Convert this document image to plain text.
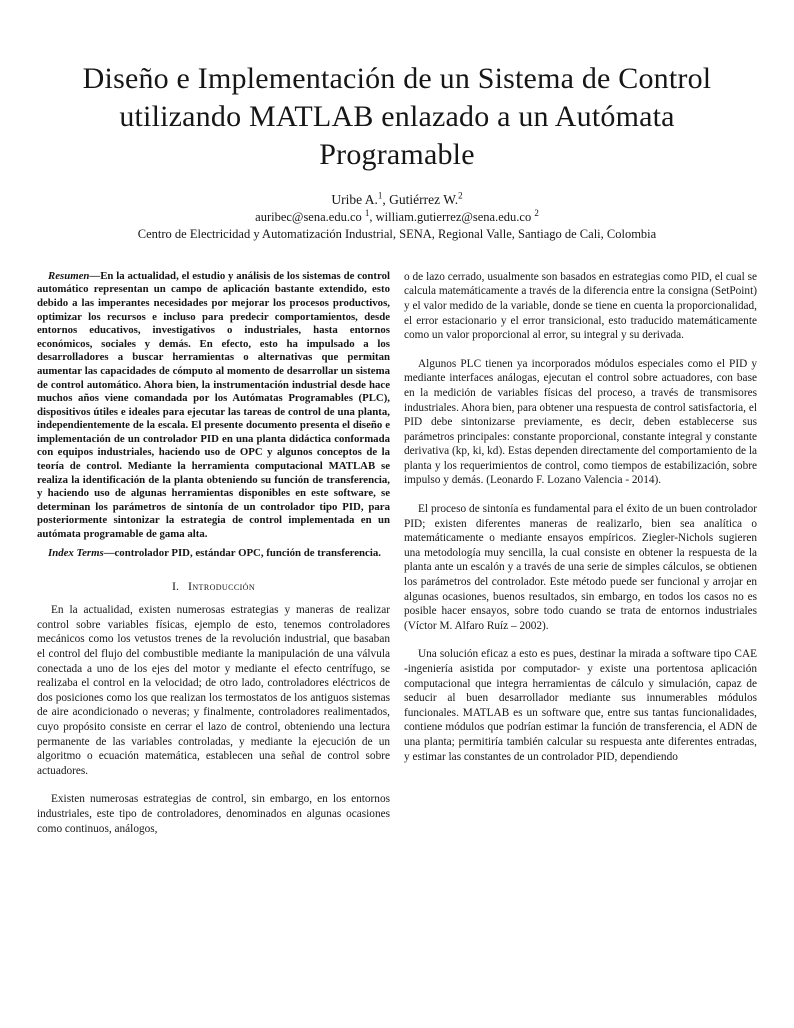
Diseño e Implementación de un Sistema de Control utilizando MATLAB enlazado a un Autómata Programable
Uribe A.$^1$, Gutiérrez W.$^2$
auribec@sena.edu.co $^1$, william.gutierrez@sena.edu.co $^2$
Centro de Electricidad y Automatización Industrial, SENA, Regional Valle, Santiago de Cali, Colombia

Resumen—En la actualidad, el estudio y análisis de los sistemas de control automático representan un campo de aplicación bastante extendido, esto debido a las imperantes necesidades por mejorar los procesos productivos, optimizar los recursos e incluso para predecir comportamientos, desde entornos educativos, investigativos o industriales, hasta entornos económicos, sociales y demás. En efecto, esto ha impulsado a los desarrolladores a buscar herramientas o alternativas que permitan aumentar las capacidades de cómputo al momento de desarrollar un sistema de control automático. Ahora bien, la instrumentación industrial desde hace muchos años viene comandada por los Autómatas Programables (PLC), dispositivos útiles e ideales para ejecutar las tareas de control de una planta, independientemente de la escala. El presente documento presenta el diseño e implementación de un controlador PID en una planta didáctica conformada con equipos industriales, haciendo uso de OPC y algunos conceptos de la teoría de control. Mediante la herramienta computacional MATLAB se realiza la identificación de la planta obteniendo su función de transferencia, y haciendo uso de algunas herramientas disponibles en este software, se determinan los parámetros de sintonía de un controlador tipo PID, para posteriormente sintonizar la estrategia de control implementada en un autómata programable de gama alta.

Index Terms—controlador PID, estándar OPC, función de transferencia.

I. Introducción

En la actualidad, existen numerosas estrategias y maneras de realizar control sobre variables físicas, ejemplo de esto, tenemos controladores mecánicos como los vetustos trenes de la revolución industrial, que basaban el control del flujo del combustible mediante la manipulación de una válvula conectada a uno de los ejes del motor y mediante el efecto centrífugo, se realizaba el control en la velocidad; de otro lado, controladores eléctricos de dos posiciones como los que realizan los termostatos de los antiguos sistemas de aire acondicionado o neveras; y finalmente, controladores realimentados, cuyo propósito consiste en cerrar el lazo de control, obteniendo una lectura permanente de las variables controladas, y mediante la ejecución de un algoritmo o ecuación matemática, establecen una señal de control sobre actuadores.

Existen numerosas estrategias de control, sin embargo, en los entornos industriales, este tipo de controladores, denominados en algunas ocasiones como continuos, análogos,

o de lazo cerrado, usualmente son basados en estrategias como PID, el cual se calcula matemáticamente a través de la diferencia entre la consigna (SetPoint) y el valor medido de la variable, donde se tiene en cuenta la proporcionalidad, el error estacionario y el error transicional, esto traducido matemáticamente como un valor proporcional al error, su integral y su derivada.

Algunos PLC tienen ya incorporados módulos especiales como el PID y mediante interfaces análogas, ejecutan el control sobre actuadores, con base en la medición de variables físicas del proceso, a través de transmisores industriales. Ahora bien, para obtener una respuesta de control satisfactoria, el PID debe sintonizarse previamente, es decir, deben establecerse sus parámetros principales: constante proporcional, constante integral y constante derivativa (kp, ki, kd). Estas dependen directamente del comportamiento de la planta y los requerimientos de control, como tiempos de estabilización, sobre impulso y demás. (Leonardo F. Lozano Valencia - 2014).

El proceso de sintonía es fundamental para el éxito de un buen controlador PID; existen diferentes maneras de realizarlo, bien sea analítica o matemáticamente o mediante ensayos empíricos. Ziegler-Nichols sugieren una metodología muy sencilla, la cual consiste en obtener la respuesta de la planta ante un escalón y a través de una serie de simples cálculos, se obtienen los parámetros del controlador. Este método puede ser funcional y arrojar en algunas ocasiones, buenos resultados, sin embargo, en todos los casos no es posible hacer ensayos, sobre todo cuando se trata de entornos industriales (Víctor M. Alfaro Ruíz – 2002).

Una solución eficaz a esto es pues, destinar la mirada a software tipo CAE -ingeniería asistida por computador- y existe una portentosa aplicación computacional que integra herramientas de cálculo y simulación, capaz de seducir al buen desarrollador mediante sus innumerables módulos funcionales. MATLAB es un software que, entre sus tantas funcionalidades, contiene módulos que podrían estimar la función de transferencia, el ADN de una planta; permitiría también calcular su respuesta ante diferentes entradas, y estimar las constantes de un controlador PID, dependiendo
